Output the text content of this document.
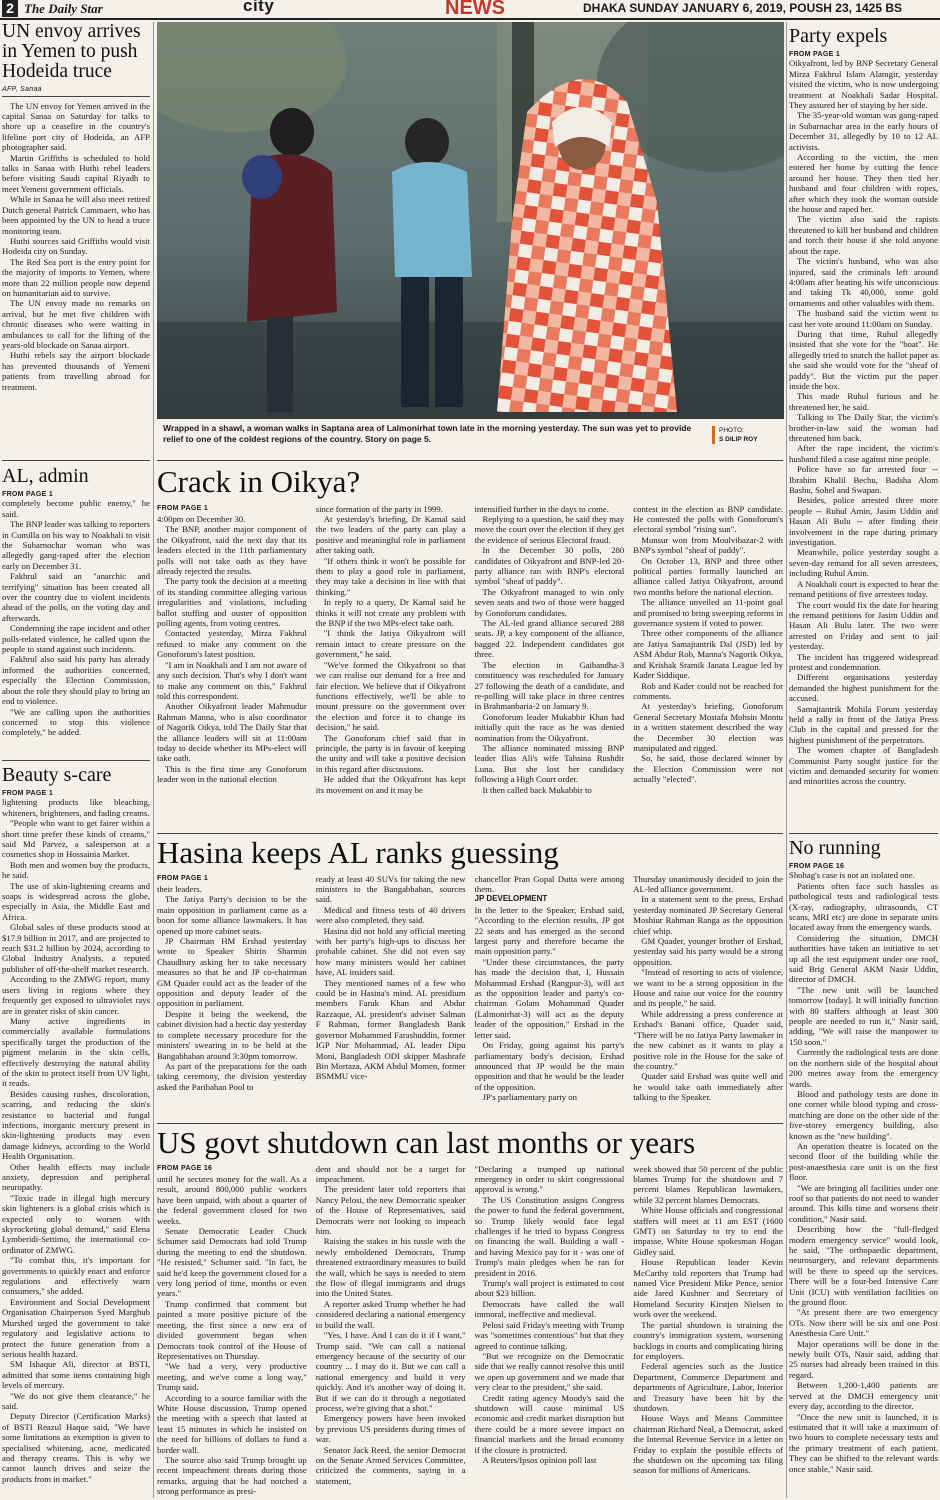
2 The Daily Star	city	NEWS	DHAKA SUNDAY JANUARY 6, 2019, POUSH 23, 1425 BS
UN envoy arrives in Yemen to push Hodeida truce
AFP, Sanaa

The UN envoy for Yemen arrived in the capital Sanaa on Saturday for talks to shore up a ceasefire in the country's lifeline port city of Hodeida, an AFP photographer said.

Martin Griffiths is scheduled to hold talks in Sanaa with Huthi rebel leaders before visiting Saudi capital Riyadh to meet Yemeni government officials.

While in Sanaa he will also meet retired Dutch general Patrick Cammaert, who has been appointed by the UN to head a truce monitoring team.

Huthi sources said Griffiths would visit Hodeida city on Sunday.

The Red Sea port is the entry point for the majority of imports to Yemen, where more than 22 million people now depend on humanitarian aid to survive.

The UN envoy made no remarks on arrival, but he met five children with chronic diseases who were waiting in ambulances to call for the lifting of the years-old blockade on Sanaa airport.

Huthi rebels say the airport blockade has prevented thousands of Yemeni patients from travelling abroad for treatment.

AL, admin
FROM PAGE 1

completely become public enemy," he said.

The BNP leader was talking to reporters in Cumilla on his way to Noakhali to visit the Subarnochar woman who was allegedly gang-raped after the election early on December 31.

Fakhrul said an "anarchic and terrifying" situation has been created all over the country due to violent incidents ahead of the polls, on the voting day and afterwards.

Condemning the rape incident and other polls-related violence, he called upon the people to stand against such incidents.

Fakhrul also said his party has already informed the authorities concerned, especially the Election Commission, about the role they should play to bring an end to violence.

"We are calling upon the authorities concerned to stop this violence completely," he added.

Beauty s-care
FROM PAGE 1

lightening products like bleaching, whiteners, brighteners, and fading creams.

"People who want to get fairer within a short time prefer these kinds of creams," said Md Parvez, a salesperson at a cosmetics shop in Hossainia Market.

Both men and women buy the products, he said.

The use of skin-lightening creams and soaps is widespread across the globe, especially in Asia, the Middle East and Africa.

Global sales of these products stood at $17.9 billion in 2017, and are projected to reach $31.2 billion by 2024, according to Global Industry Analysts, a reputed publisher of off-the-shelf market research.

According to the ZMWG report, many users living in regions where they frequently get exposed to ultraviolet rays are in greater risks of skin cancer.

Many active ingredients in commercially available formulations specifically target the production of the pigment melanin in the skin cells, effectively destroying the natural ability of the skin to protect itself from UV light, it reads.

Besides causing rashes, discoloration, scarring, and reducing the skin's resistance to bacterial and fungal infections, inorganic mercury present in skin-lightening products may even damage kidneys, according to the World Health Organisation.

Other health effects may include anxiety, depression and peripheral neuropathy.

"Toxic trade in illegal high mercury skin lighteners is a global crisis which is expected only to worsen with skyrocketing global demand," said Elena Lymberidi-Settimo, the international co-ordinator of ZMWG.

"To combat this, it's important for governments to quickly enact and enforce regulations and effectively warn consumers," she added.

Environment and Social Development Organisation Chairperson Syed Marghub Murshed urged the government to take regulatory and legislative actions to protect the future generation from a serious health hazard.

SM Ishaque Ali, director at BSTI, admitted that some items containing high levels of mercury.

"We do not give them clearance," he said.

Deputy Director (Certification Marks) of BSTI Reazul Haque said, "We have some limitations as exemption is given to specialised whitening, acne, medicated and therapy creams. This is why we cannot launch drives and seize the products from in market."

Wrapped in a shawl, a woman walks in Saptana area of Lalmonirhat town late in the morning yesterday. The sun was yet to provide relief to one of the coldest regions of the country. Story on page 5.
PHOTO:
S DILIP ROY
Crack in Oikya?
FROM PAGE 1

4:00pm on December 30.

The BNP, another major component of the Oikyafront, said the next day that its leaders elected in the 11th parliamentary polls will not take oath as they have already rejected the results.

The party took the decision at a meeting of its standing committee alleging various irregularities and violations, including ballot stuffing and ouster of opposition polling agents, from voting centres.

Contacted yesterday, Mirza Fakhrul refused to make any comment on the Gonoforum's latest position.

"I am in Noakhali and I am not aware of any such decision. That's why I don't want to make any comment on this," Fakhrul told this correspondent.

Another Oikyafront leader Mahmudur Rahman Manna, who is also coordinator of Nagorik Oikya, told The Daily Star that the alliance leaders will sit at 11:00am today to decide whether its MPs-elect will take oath.

This is the first time any Gonoforum leader won in the national election

since formation of the party in 1999.

At yesterday's briefing, Dr Kamal said the two leaders of the party can play a positive and meaningful role in parliament after taking oath.

"If others think it won't be possible for them to play a good role in parliament, they may take a decision in line with that thinking."

In reply to a query, Dr Kamal said he thinks it will not create any problem with the BNP if the two MPs-elect take oath.

"I think the Jatiya Oikyafront will remain intact to create pressure on the government," he said.

"We've formed the Oikyafront so that we can realise our demand for a free and fair election. We believe that if Oikyafront functions effectively, we'll be able to mount pressure on the government over the election and force it to change its decision," he said.

The Gonoforum chief said that in principle, the party is in favour of keeping the unity and will take a positive decision in this regard after discussions.

He added that the Oikyafront has kept its movement on and it may be

intensified further in the days to come.

Replying to a question, he said they may move the court over the election if they get the evidence of serious Electoral fraud.

In the December 30 polls, 280 candidates of Oikyafront and BNP-led 20-party alliance ran with BNP's electoral symbol "sheaf of paddy".

The Oikyafront managed to win only seven seats and two of those were bagged by Gonoforum candidates.

The AL-led grand alliance secured 288 seats. JP, a key component of the alliance, bagged 22. Independent candidates got three.

The election in Gaibandha-3 constituency was rescheduled for January 27 following the death of a candidate, and re-polling will take place in three centres in Brahmanbaria-2 on January 9.

Gonoforum leader Mukabbir Khan had initially quit the race as he was denied nomination from the Oikyafront.

The alliance nominated missing BNP leader Ilias Ali's wife Tahsina Rushdir Luna. But she lost her candidacy following a High Court order.

It then called back Mukabbir to

contest in the election as BNP candidate. He contested the polls with Gonoforum's electoral symbol "rising sun".

Munsur won from Moulvibazar-2 with BNP's symbol "sheaf of paddy".

On October 13, BNP and three other political parties formally launched an alliance called Jatiya Oikyafront, around two months before the national election.

The alliance unveiled an 11-point goal and promised to bring sweeping reforms in governance system if voted to power.

Three other components of the alliance are Jatiya Samajtantrik Dal (JSD) led by ASM Abdur Rob, Manna's Nagorik Oikya, and Krishak Sramik Janata League led by Kader Siddique.

Rob and Kader could not be reached for comments.

At yesterday's briefing, Gonoforum General Secretary Mostafa Mohsin Montu in a written statement described the way the December 30 election was manipulated and rigged.

So, he said, those declared winner by the Election Commission were not actually "elected".

Hasina keeps AL ranks guessing
FROM PAGE 1

their leaders.

The Jatiya Party's decision to be the main opposition in parliament came as a boon for some alliance lawmakers. It has opened up more cabinet seats.

JP Chairman HM Ershad yesterday wrote to Speaker Shirin Sharmin Chaudhury asking her to take necessary measures so that he and JP co-chairman GM Quader could act as the leader of the opposition and deputy leader of the opposition in parliament.

Despite it being the weekend, the cabinet division had a hectic day yesterday to complete necessary procedure for the ministers' swearing in to be held at the Bangabhaban around 3:30pm tomorrow.

As part of the preparations for the oath taking ceremony, the division yesterday asked the Paribahan Pool to

ready at least 40 SUVs for taking the new ministers to the Bangabhaban, sources said.

Medical and fitness tests of 40 drivers were also completed, they said.

Hasina did not hold any official meeting with her party's high-ups to discuss her probable cabinet. She did not even say how many ministers would her cabinet have, AL insiders said.

They mentioned names of a few who could be in Hasina's mind. AL presidium members Faruk Khan and Abdur Razzaque, AL president's adviser Salman F Rahman, former Bangladesh Bank governor Mohammed Farashuddin, former IGP Nur Mohammad, AL leader Dipu Moni, Bangladesh ODI skipper Mashrafe Bin Mortaza, AKM Abdul Momen, former BSMMU vice-

chancellor Pran Gopal Dutta were among them.

JP DEVELOPMENT

In the letter to the Speaker, Ershad said, "According to the election results, JP got 22 seats and has emerged as the second largest party and therefore became the main opposition party."

"Under these circumstances, the party has made the decision that, I, Hussain Mohammad Ershad (Rangpur-3), will act as the opposition leader and party's co-chairman Golam Mohammad Quader (Lalmonirhat-3) will act as the deputy leader of the opposition," Ershad in the letter said.

On Friday, going against his party's parliamentary body's decision, Ershad announced that JP would be the main opposition and that he would be the leader of the opposition.

JP's parliamentary party on

Thursday unanimously decided to join the AL-led alliance government.

In a statement sent to the press, Ershad yesterday nominated JP Secretary General Moshiur Rahman Ranga as the opposition chief whip.

GM Quader, younger brother of Ershad, yesterday said his party would be a strong opposition.

"Instead of resorting to acts of violence, we want to be a strong opposition in the House and raise our voice for the country and its people," he said.

While addressing a press conference at Ershad's Banani office, Quader said, "There will be no Jatiya Party lawmaker in the new cabinet as it wants to play a positive role in the House for the sake of the country."

Quader said Ershad was quite well and he would take oath immediately after talking to the Speaker.

US govt shutdown can last months or years
FROM PAGE 16

until he secures money for the wall. As a result, around 800,000 public workers have been unpaid, with about a quarter of the federal government closed for two weeks.

Senate Democratic Leader Chuck Schumer said Democrats had told Trump during the meeting to end the shutdown. "He resisted," Schumer said. "In fact, he said he'd keep the government closed for a very long period of time, months or even years."

Trump confirmed that comment but painted a more positive picture of the meeting, the first since a new era of divided government began when Democrats took control of the House of Representatives on Thursday.

"We had a very, very productive meeting, and we've come a long way," Trump said.

According to a source familiar with the White House discussion, Trump opened the meeting with a speech that lasted at least 15 minutes in which he insisted on the need for billions of dollars to fund a border wall.

The source also said Trump brought up recent impeachment threats during those remarks, arguing that he had notched a strong performance as presi-

dent and should not be a target for impeachment.

The president later told reporters that Nancy Pelosi, the new Democratic speaker of the House of Representatives, said Democrats were not looking to impeach him.

Raising the stakes in his tussle with the newly emboldened Democrats, Trump threatened extraordinary measures to build the wall, which he says is needed to stem the flow of illegal immigrants and drugs into the United States.

A reporter asked Trump whether he had considered declaring a national emergency to build the wall.

"Yes, I have. And I can do it if I want," Trump said. "We can call a national emergency because of the security of our country ... I may do it. But we can call a national emergency and build it very quickly. And it's another way of doing it. But if we can do it through a negotiated process, we're giving that a shot."

Emergency powers have been invoked by previous US presidents during times of war.

Senator Jack Reed, the senior Democrat on the Senate Armed Services Committee, criticized the comments, saying in a statement,

"Declaring a trumped up national emergency in order to skirt congressional approval is wrong."

The US Constitution assigns Congress the power to fund the federal government, so Trump likely would face legal challenges if he tried to bypass Congress on financing the wall. Building a wall - and having Mexico pay for it - was one of Trump's main pledges when he ran for president in 2016.

Trump's wall project is estimated to cost about $23 billion.

Democrats have called the wall immoral, ineffective and medieval.

Pelosi said Friday's meeting with Trump was "sometimes contentious" but that they agreed to continue talking.

"But we recognize on the Democratic side that we really cannot resolve this until we open up government and we made that very clear to the president," she said.

Credit rating agency Moody's said the shutdown will cause minimal US economic and credit market disruption but there could be a more severe impact on financial markets and the broad economy if the closure is protracted.

A Reuters/Ipsos opinion poll last

week showed that 50 percent of the public blames Trump for the shutdown and 7 percent blames Republican lawmakers, while 32 percent blames Democrats.

White House officials and congressional staffers will meet at 11 am EST (1600 GMT) on Saturday to try to end the impasse, White House spokesman Hogan Gidley said.

House Republican leader Kevin McCarthy told reporters that Trump had named Vice President Mike Pence, senior aide Jared Kushner and Secretary of Homeland Security Kirstjen Nielsen to work over the weekend.

The partial shutdown is straining the country's immigration system, worsening backlogs in courts and complicating hiring for employers.

Federal agencies such as the Justice Department, Commerce Department and departments of Agriculture, Labor, Interior and Treasury have been hit by the shutdown.

House Ways and Means Committee chairman Richard Neal, a Democrat, asked the Internal Revenue Service in a letter on Friday to explain the possible effects of the shutdown on the upcoming tax filing season for millions of Americans.

Party expels
FROM PAGE 1

Oikyafront, led by BNP Secretary General Mirza Fakhrul Islam Alamgir, yesterday visited the victim, who is now undergoing treatment at Noakhali Sadar Hospital. They assured her of staying by her side.

The 35-year-old woman was gang-raped in Subarnachar area in the early hours of December 31, allegedly by 10 to 12 AL activists.

According to the victim, the men entered her home by cutting the fence around her house. They then tied her husband and four children with ropes, after which they took the woman outside the house and raped her.

The victim also said the rapists threatened to kill her husband and children and torch their house if she told anyone about the rape.

The victim's husband, who was also injured, said the criminals left around 4:00am after beating his wife unconscious and taking Tk 40,000, some gold ornaments and other valuables with them.

The husband said the victim went to cast her vote around 11:00am on Sunday.

During that time, Ruhul allegedly insisted that she vote for the "boat". He allegedly tried to snatch the ballot paper as she said she would vote for the "sheaf of paddy". But the victim put the paper inside the box.

This made Ruhul furious and he threatened her, he said.

Talking to The Daily Star, the victim's brother-in-law said the woman had threatened him back.

After the rape incident, the victim's husband filed a case against nine people.

Police have so far arrested four -- Ibrahim Khalil Bechu, Badsha Alom Bashu, Sohel and Swapan.

Besides, police arrested three more people -- Ruhul Amin, Jasim Uddin and Hasan Ali Bulu -- after finding their involvement in the rape during primary investigation.

Meanwhile, police yesterday sought a seven-day remand for all seven arrestees, including Ruhul Amin.

A Noakhali court is expected to hear the remand petitions of five arrestees today.

The court would fix the date for hearing the remand petitions for Jasim Uddin and Hasan Ali Bulu later. The two were arrested on Friday and sent to jail yesterday.

The incident has triggered widespread protest and condemnation.

Different organisations yesterday demanded the highest punishment for the accused.

Samajtantrik Mohila Forum yesterday held a rally in front of the Jatiya Press Club in the capital and pressed for the highest punishment of the perpetrators.

The women chapter of Bangladesh Communist Party sought justice for the victim and demanded security for women and minorities across the country.

No running
FROM PAGE 16

Shohag's case is not an isolated one.

Patients often face such hassles as pathological tests and radiological tests (X-ray, radiography, ultrasounds, CT scans, MRI etc) are done in separate units located away from the emergency wards.

Considering the situation, DMCH authorities have taken an initiative to set up all the test equipment under one roof, said Brig General AKM Nasir Uddin, director of DMCH.

"The new unit will be launched tomorrow [today]. It will initially function with 80 staffers although at least 300 people are needed to run it," Nasir said, adding, "We will raise the manpower to 150 soon."

Currently the radiological tests are done on the northern side of the hospital about 200 metres away from the emergency wards.

Blood and pathology tests are done in one corner while blood typing and cross-matching are done on the other side of the five-storey emergency building, also known as the "new building".

An operation theatre is located on the second floor of the building while the post-anaesthesia care unit is on the first floor.

"We are bringing all facilities under one roof so that patients do not need to wander around. This kills time and worsens their condition," Nasir said.

Describing how the "full-fledged modern emergency service" would look, he said, "The orthopaedic department, neurosurgery, and relevant departments will be there to speed up the services. There will be a four-bed Intensive Care Unit (ICU) with ventilation facilities on the ground floor.

"At present there are two emergency OTs. Now there will be six and one Post Anesthesia Care Unit."

Major operations will be done in the newly built OTs, Nasir said, adding that 25 nurses had already been trained in this regard.

Between 1,200-1,400 patients are served at the DMCH emergency unit every day, according to the director.

"Once the new unit is launched, it is estimated that it will take a maximum of two hours to complete necessary tests and the primary treatment of each patient. They can be shifted to the relevant wards once stable," Nasir said.
